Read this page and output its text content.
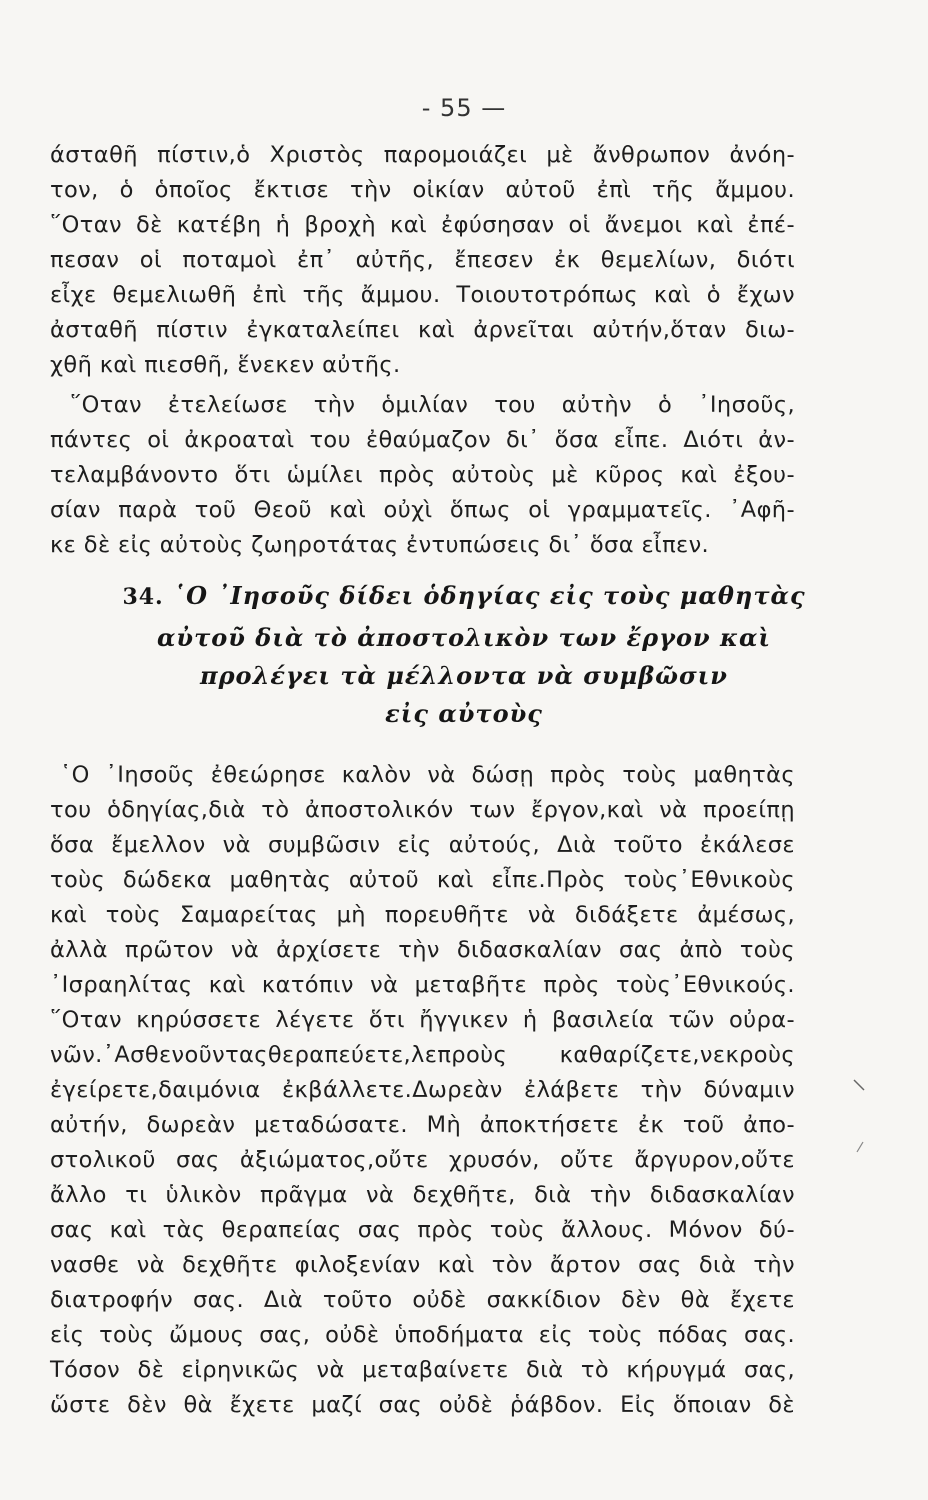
- 55 —
άσταθῆ πίστιν,ὁ Χριστὸς παρομοιάζει μὲ ἄνθρωπον ἀνόη-
τον, ὁ ὁποῖος ἔκτισε τὴν οἰκίαν αὐτοῦ ἐπὶ τῆς ἄμμου.
῞Οταν δὲ κατέβη ἡ βροχὴ καὶ ἐφύσησαν οἱ ἄνεμοι καὶ ἐπέ-
πεσαν οἱ ποταμοὶ ἐπ᾽ αὐτῆς, ἔπεσεν ἐκ θεμελίων, διότι
εἶχε θεμελιωθῆ ἐπὶ τῆς ἄμμου. Τοιουτοτρόπως καὶ ὁ ἔχων
ἀσταθῆ πίστιν ἐγκαταλείπει καὶ ἀρνεῖται αὐτήν,ὅταν διω-
χθῆ καὶ πιεσθῆ, ἕνεκεν αὐτῆς.
῞Οταν ἐτελείωσε τὴν ὁμιλίαν του αὐτὴν ὁ ᾿Ιησοῦς,
πάντες οἱ ἀκροαταὶ του ἐθαύμαζον δι᾽ ὅσα εἶπε. Διότι ἀν-
τελαμβάνοντο ὅτι ὡμίλει πρὸς αὐτοὺς μὲ κῦρος καὶ ἐξου-
σίαν παρὰ τοῦ Θεοῦ καὶ οὐχὶ ὅπως οἱ γραμματεῖς. ᾿Αφῆ-
κε δὲ εἰς αὐτοὺς ζωηροτάτας ἐντυπώσεις δι᾽ ὅσα εἶπεν.
34. ῾Ο ᾿Ιησοῦς δίδει ὁδηγίας εἰς τοὺς μαθητὰς
αὐτοῦ διὰ τὸ ἀποστολικὸν των ἔργον καὶ
προλέγει τὰ μέλλοντα νὰ συμβῶσιν
εἰς αὐτοὺς
῾Ο ᾿Ιησοῦς ἐθεώρησε καλὸν νὰ δώσῃ πρὸς τοὺς μαθητὰς
του ὁδηγίας,διὰ τὸ ἀποστολικόν των ἔργον,καὶ νὰ προείπῃ
ὅσα ἔμελλον νὰ συμβῶσιν εἰς αὐτούς, Διὰ τοῦτο ἐκάλεσε
τοὺς δώδεκα μαθητὰς αὐτοῦ καὶ εἶπε.Πρὸς τοὺς᾽Εθνικοὺς
καὶ τοὺς Σαμαρείτας μὴ πορευθῆτε νὰ διδάξετε ἀμέσως,
ἀλλὰ πρῶτον νὰ ἀρχίσετε τὴν διδασκαλίαν σας ἀπὸ τοὺς
᾽Ισραηλίτας καὶ κατόπιν νὰ μεταβῆτε πρὸς τοὺς᾽Εθνικούς.
῞Οταν κηρύσσετε λέγετε ὅτι ἤγγικεν ἡ βασιλεία τῶν οὐρα-
νῶν.᾽Ασθενοῦνταςθεραπεύετε,λεπροὺς καθαρίζετε,νεκροὺς
ἐγείρετε,δαιμόνια ἐκβάλλετε.Δωρεὰν ἐλάβετε τὴν δύναμιν
αὐτήν, δωρεὰν μεταδώσατε. Μὴ ἀποκτήσετε ἐκ τοῦ ἀπο-
στολικοῦ σας ἀξιώματος,οὔτε χρυσόν, οὔτε ἄργυρον,οὔτε
ἄλλο τι ὑλικὸν πρᾶγμα νὰ δεχθῆτε, διὰ τὴν διδασκαλίαν
σας καὶ τὰς θεραπείας σας πρὸς τοὺς ἄλλους. Μόνον δύ-
νασθε νὰ δεχθῆτε φιλοξενίαν καὶ τὸν ἄρτον σας διὰ τὴν
διατροφήν σας. Διὰ τοῦτο οὐδὲ σακκίδιον δὲν θὰ ἔχετε
εἰς τοὺς ὤμους σας, οὐδὲ ὑποδήματα εἰς τοὺς πόδας σας.
Τόσον δὲ εἰρηνικῶς νὰ μεταβαίνετε διὰ τὸ κήρυγμά σας,
ὥστε δὲν θὰ ἔχετε μαζί σας οὐδὲ ῥάβδον. Εἰς ὅποιαν δὲ
